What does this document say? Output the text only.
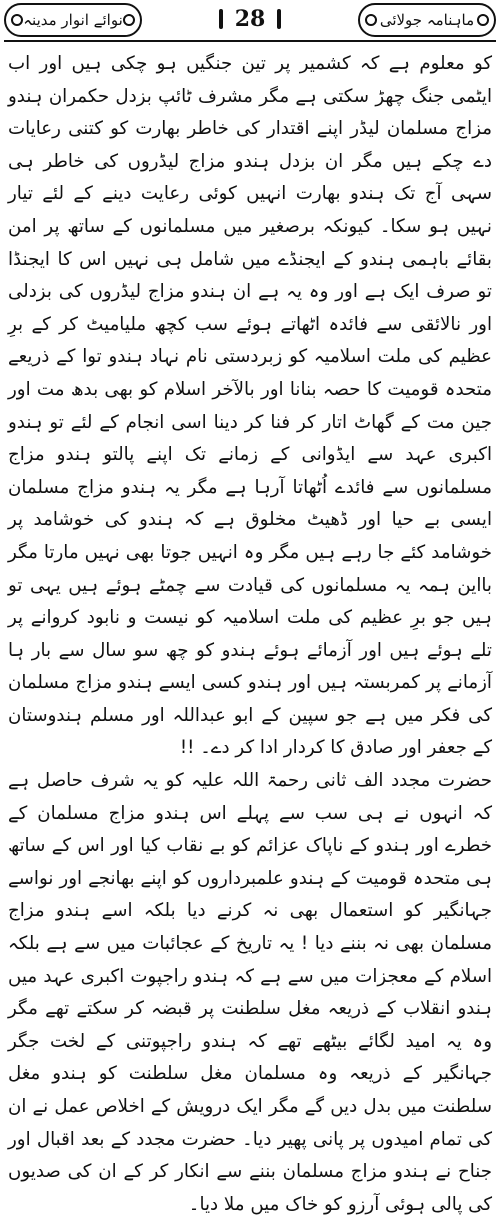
نوائے انوار مدینہ	28	ماہنامہ جولائی

کو معلوم ہے کہ کشمیر پر تین جنگیں ہو چکی ہیں اور اب ایٹمی جنگ چھڑ سکتی ہے مگر مشرف ٹائپ بزدل حکمران ہندو مزاج مسلمان لیڈر اپنے اقتدار کی خاطر بھارت کو کتنی رعایات دے چکے ہیں مگر ان بزدل ہندو مزاج لیڈروں کی خاطر ہی سہی آج تک ہندو بھارت انہیں کوئی رعایت دینے کے لئے تیار نہیں ہو سکا۔ کیونکہ برصغیر میں مسلمانوں کے ساتھ پر امن بقائے باہمی ہندو کے ایجنڈے میں شامل ہی نہیں اس کا ایجنڈا تو صرف ایک ہے اور وہ یہ ہے ان ہندو مزاج لیڈروں کی بزدلی اور نالائقی سے فائدہ اٹھاتے ہوئے سب کچھ ملیامیٹ کر کے برِ عظیم کی ملت اسلامیہ کو زبردستی نام نہاد ہندو توا کے ذریعے متحدہ قومیت کا حصہ بنانا اور بالآخر اسلام کو بھی بدھ مت اور جین مت کے گھاٹ اتار کر فنا کر دینا اسی انجام کے لئے تو ہندو اکبری عہد سے ایڈوانی کے زمانے تک اپنے پالتو ہندو مزاج مسلمانوں سے فائدے اُٹھاتا آرہا ہے مگر یہ ہندو مزاج مسلمان ایسی بے حیا اور ڈھیٹ مخلوق ہے کہ ہندو کی خوشامد پر خوشامد کئے جا رہے ہیں مگر وہ انہیں جوتا بھی نہیں مارتا مگر بااین ہمہ یہ مسلمانوں کی قیادت سے چمٹے ہوئے ہیں یہی تو ہیں جو برِ عظیم کی ملت اسلامیہ کو نیست و نابود کروانے پر تلے ہوئے ہیں اور آزمائے ہوئے ہندو کو چھ سو سال سے بار ہا آزمانے پر کمربستہ ہیں اور ہندو کسی ایسے ہندو مزاج مسلمان کی فکر میں ہے جو سپین کے ابو عبداللہ اور مسلم ہندوستان کے جعفر اور صادق کا کردار ادا کر دے۔ !!

حضرت مجدد الف ثانی رحمۃ اللہ علیہ کو یہ شرف حاصل ہے کہ انہوں نے ہی سب سے پہلے اس ہندو مزاج مسلمان کے خطرے اور ہندو کے ناپاک عزائم کو بے نقاب کیا اور اس کے ساتھ ہی متحدہ قومیت کے ہندو علمبرداروں کو اپنے بھانجے اور نواسے جہانگیر کو استعمال بھی نہ کرنے دیا بلکہ اسے ہندو مزاج مسلمان بھی نہ بننے دیا ! یہ تاریخ کے عجائبات میں سے ہے بلکہ اسلام کے معجزات میں سے ہے کہ ہندو راجپوت اکبری عہد میں ہندو انقلاب کے ذریعہ مغل سلطنت پر قبضہ کر سکتے تھے مگر وہ یہ امید لگائے بیٹھے تھے کہ ہندو راجپوتنی کے لخت جگر جہانگیر کے ذریعہ وہ مسلمان مغل سلطنت کو ہندو مغل سلطنت میں بدل دیں گے مگر ایک درویش کے اخلاص عمل نے ان کی تمام امیدوں پر پانی پھیر دیا۔ حضرت مجدد کے بعد اقبال اور جناح نے ہندو مزاج مسلمان بننے سے انکار کر کے ان کی صدیوں کی پالی ہوئی آرزو کو خاک میں ملا دیا۔
